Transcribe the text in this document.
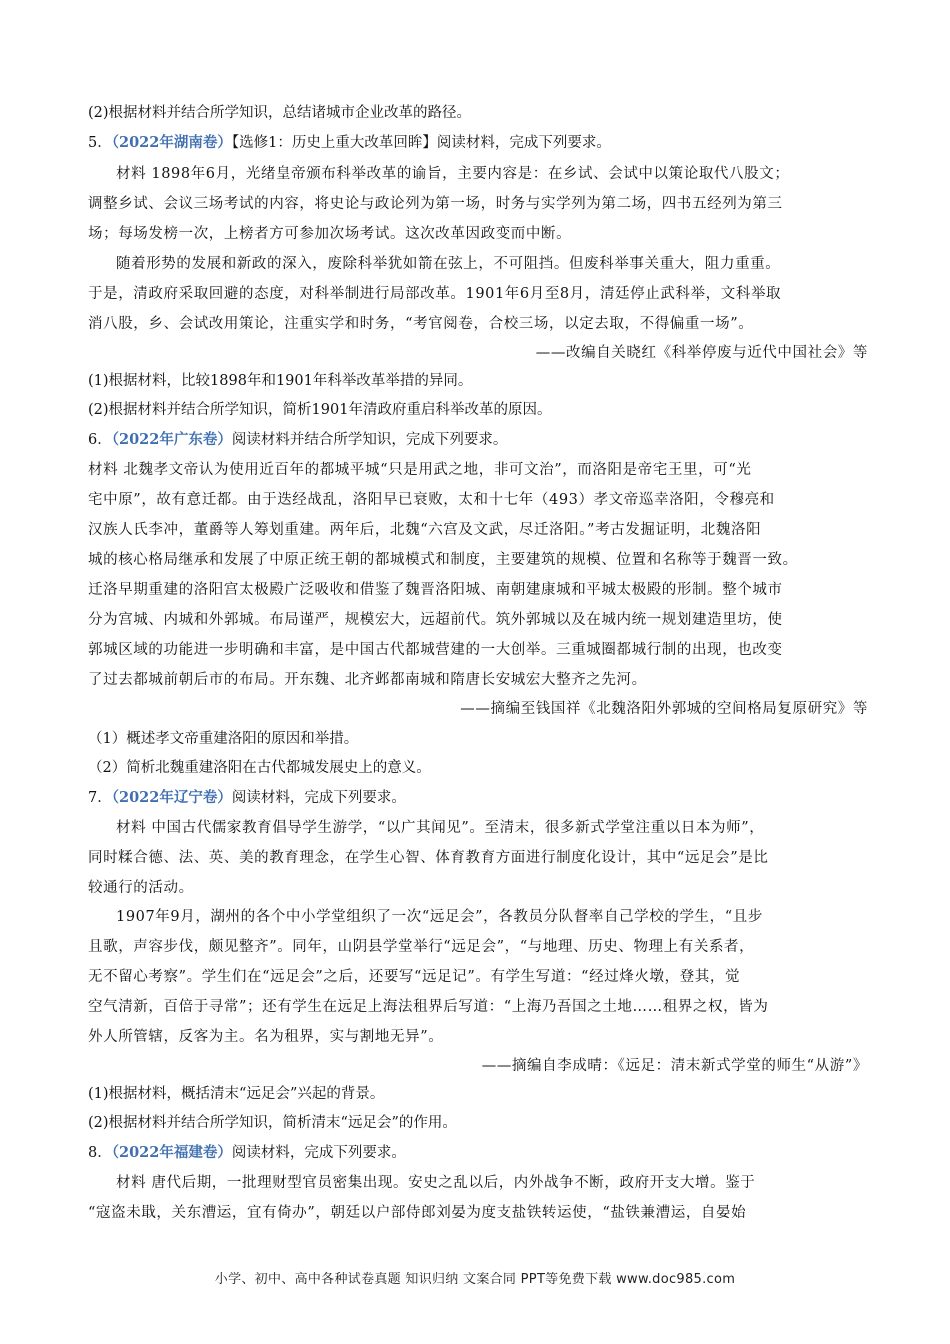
(2)根据材料并结合所学知识，总结诸城市企业改革的路径。
5．（2022年湖南卷）【选修1：历史上重大改革回眸】阅读材料，完成下列要求。
材料 1898年6月，光绪皇帝颁布科举改革的谕旨，主要内容是：在乡试、会试中以策论取代八股文；
调整乡试、会议三场考试的内容，将史论与政论列为第一场，时务与实学列为第二场，四书五经列为第三
场；每场发榜一次，上榜者方可参加次场考试。这次改革因政变而中断。
随着形势的发展和新政的深入，废除科举犹如箭在弦上，不可阻挡。但废科举事关重大，阻力重重。
于是，清政府采取回避的态度，对科举制进行局部改革。1901年6月至8月，清廷停止武科举，文科举取
消八股，乡、会试改用策论，注重实学和时务，“考官阅卷，合校三场，以定去取，不得偏重一场”。
——改编自关晓红《科举停废与近代中国社会》等
(1)根据材料，比较1898年和1901年科举改革举措的异同。
(2)根据材料并结合所学知识，简析1901年清政府重启科举改革的原因。
6．（2022年广东卷）阅读材料并结合所学知识，完成下列要求。
材料 北魏孝文帝认为使用近百年的都城平城“只是用武之地，非可文治”，而洛阳是帝宅王里，可“光
宅中原”，故有意迁都。由于迭经战乱，洛阳早已衰败，太和十七年（493）孝文帝巡幸洛阳，令穆亮和
汉族人氏李冲，董爵等人筹划重建。两年后，北魏“六宫及文武，尽迁洛阳。”考古发掘证明，北魏洛阳
城的核心格局继承和发展了中原正统王朝的都城模式和制度，主要建筑的规模、位置和名称等于魏晋一致。
迁洛早期重建的洛阳宫太极殿广泛吸收和借鉴了魏晋洛阳城、南朝建康城和平城太极殿的形制。整个城市
分为宫城、内城和外郭城。布局谨严，规模宏大，远超前代。筑外郭城以及在城内统一规划建造里坊，使
郭城区域的功能进一步明确和丰富，是中国古代都城营建的一大创举。三重城圈都城行制的出现，也改变
了过去都城前朝后市的布局。开东魏、北齐邺都南城和隋唐长安城宏大整齐之先河。
——摘编至钱国祥《北魏洛阳外郭城的空间格局复原研究》等
（1）概述孝文帝重建洛阳的原因和举措。
（2）简析北魏重建洛阳在古代都城发展史上的意义。
7．（2022年辽宁卷）阅读材料，完成下列要求。
材料 中国古代儒家教育倡导学生游学，“以广其闻见”。至清末，很多新式学堂注重以日本为师”，
同时糅合德、法、英、美的教育理念，在学生心智、体育教育方面进行制度化设计，其中“远足会”是比
较通行的活动。
1907年9月，湖州的各个中小学堂组织了一次“远足会”，各教员分队督率自己学校的学生，“且步
且歌，声容步伐，颇见整齐”。同年，山阴县学堂举行“远足会”，“与地理、历史、物理上有关系者，
无不留心考察”。学生们在“远足会”之后，还要写“远足记”。有学生写道：“经过烽火墩，登其，觉
空气清新，百倍于寻常”；还有学生在远足上海法租界后写道：“上海乃吾国之土地……租界之权，皆为
外人所管辖，反客为主。名为租界，实与割地无异”。
——摘编自李成晴：《远足：清末新式学堂的师生“从游”》
(1)根据材料，概括清末“远足会”兴起的背景。
(2)根据材料并结合所学知识，简析清末“远足会”的作用。
8．（2022年福建卷）阅读材料，完成下列要求。
材料 唐代后期，一批理财型官员密集出现。安史之乱以后，内外战争不断，政府开支大增。鉴于
“寇盗未戢，关东漕运，宜有倚办”，朝廷以户部侍郎刘晏为度支盐铁转运使，“盐铁兼漕运，自晏始
小学、初中、高中各种试卷真题 知识归纳 文案合同 PPT等免费下载 www.doc985.com
